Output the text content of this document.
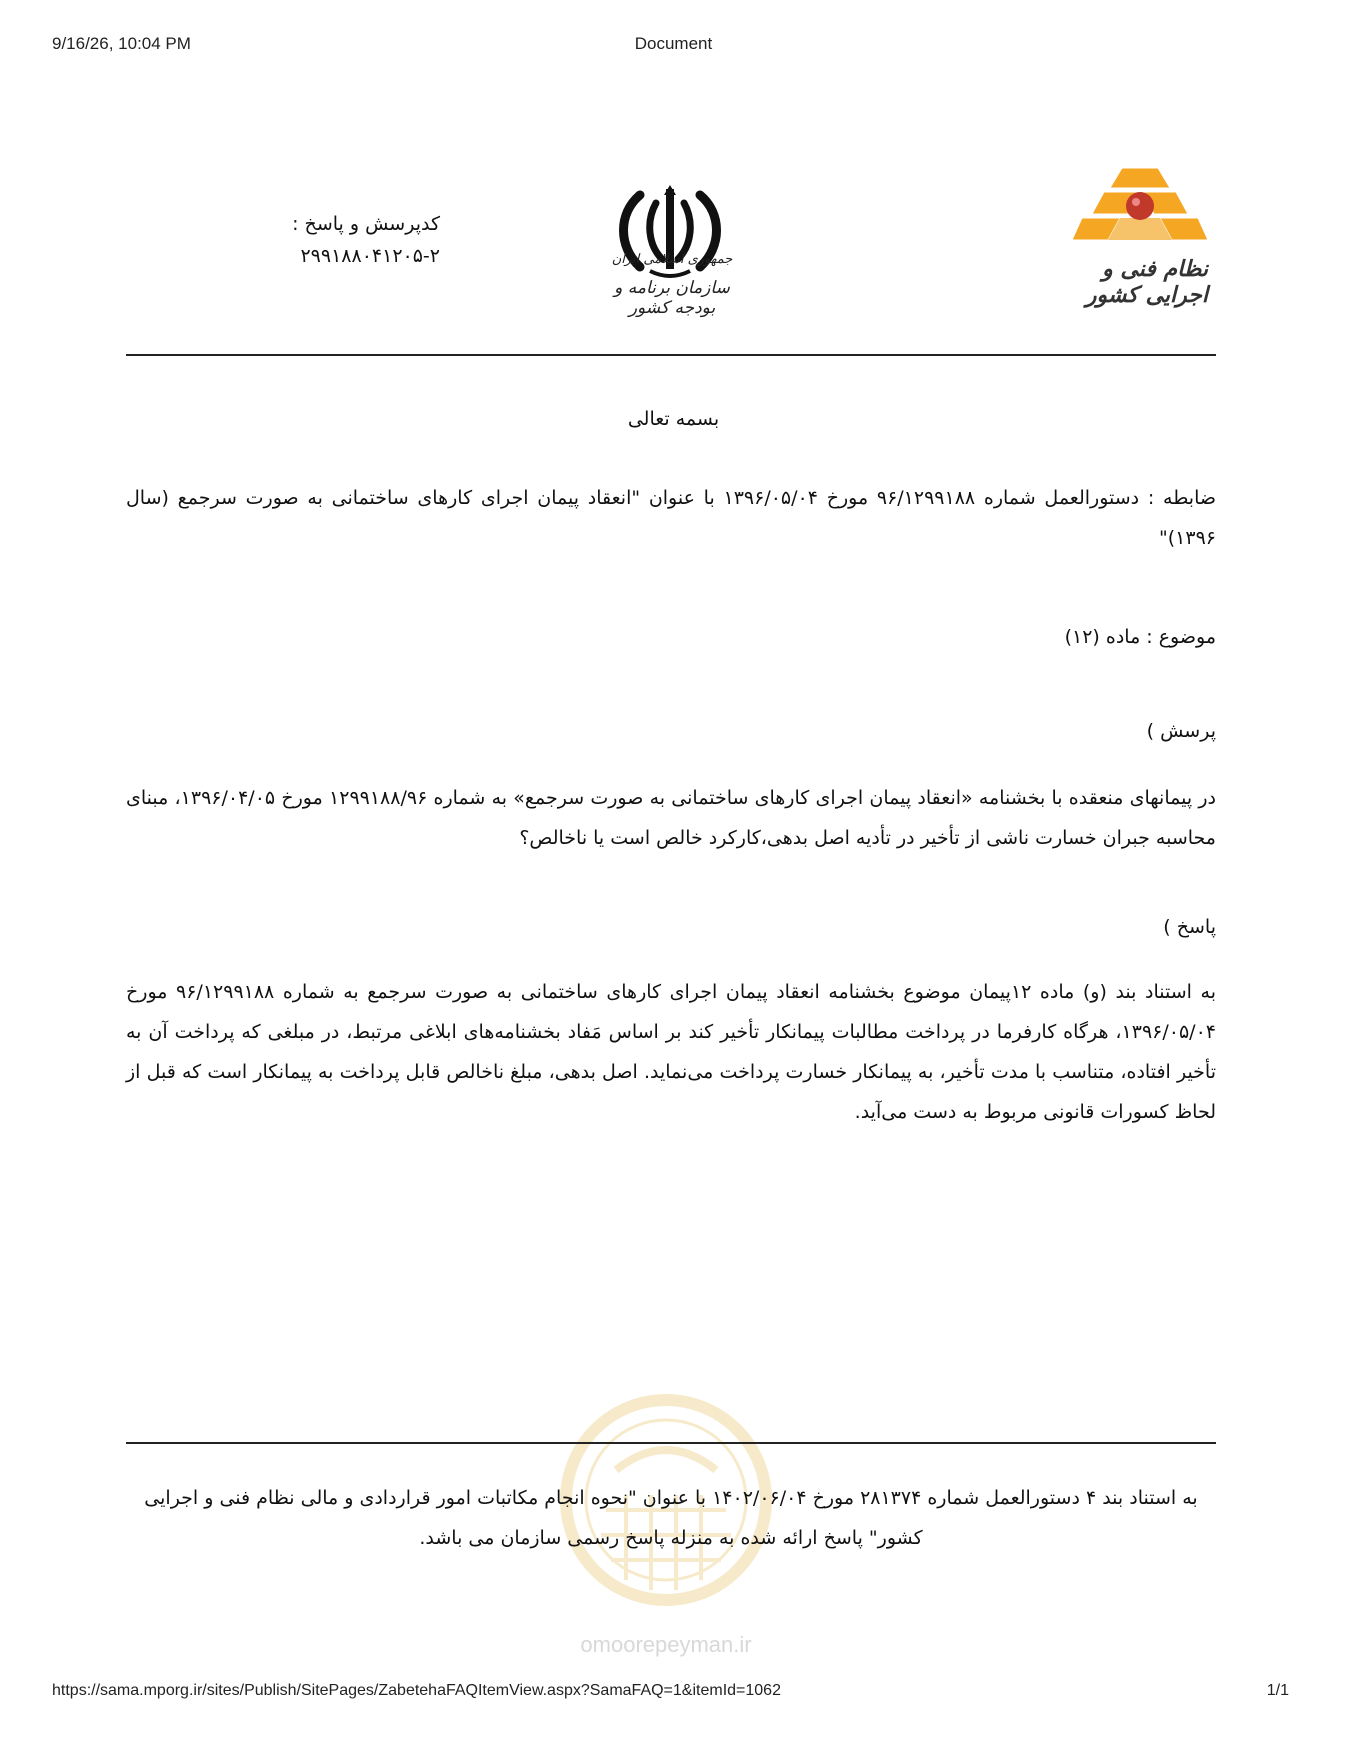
9/16/26, 10:04 PM	Document
نظام فنی و اجرایی کشور
جمهوری اسلامی ایران
سازمان برنامه و بودجه کشور
کدپرسش و پاسخ :
۲۹۹۱۸۸۰۴۱۲۰۵-۲
بسمه تعالی
ضابطه : دستورالعمل شماره ۹۶/۱۲۹۹۱۸۸ مورخ ۱۳۹۶/۰۵/۰۴ با عنوان "انعقاد پیمان اجرای کارهای ساختمانی به صورت سرجمع (سال ۱۳۹۶)"
موضوع : ماده (۱۲)
پرسش )
در پیمانهای منعقده با بخشنامه «انعقاد پیمان اجرای کارهای ساختمانی به صورت سرجمع» به شماره ۱۲۹۹۱۸۸/۹۶ مورخ ۱۳۹۶/۰۴/۰۵، مبنای محاسبه جبران خسارت ناشی از تأخیر در تأدیه اصل بدهی،کارکرد خالص است یا ناخالص؟
پاسخ )
به استناد بند (و) ماده ۱۲پیمان موضوع بخشنامه انعقاد پیمان اجرای کارهای ساختمانی به صورت سرجمع به شماره ۹۶/۱۲۹۹۱۸۸ مورخ ۱۳۹۶/۰۵/۰۴، هرگاه کارفرما در پرداخت مطالبات پیمانکار تأخیر کند بر اساس مَفاد بخشنامه‌های ابلاغی مرتبط، در مبلغی که پرداخت آن به تأخیر افتاده، متناسب با مدت تأخیر، به پیمانکار خسارت پرداخت می‌نماید. اصل بدهی، مبلغ ناخالص قابل پرداخت به پیمانکار است که قبل از لحاظ کسورات قانونی مربوط به دست می‌آید.
به استناد بند ۴ دستورالعمل شماره ۲۸۱۳۷۴ مورخ ۱۴۰۲/۰۶/۰۴ با عنوان "نحوه انجام مکاتبات امور قراردادی و مالی نظام فنی و اجرایی کشور" پاسخ ارائه شده به منزله پاسخ رسمی سازمان می باشد.
omoorepeyman.ir
https://sama.mporg.ir/sites/Publish/SitePages/ZabetehaFAQItemView.aspx?SamaFAQ=1&itemId=1062	1/1
